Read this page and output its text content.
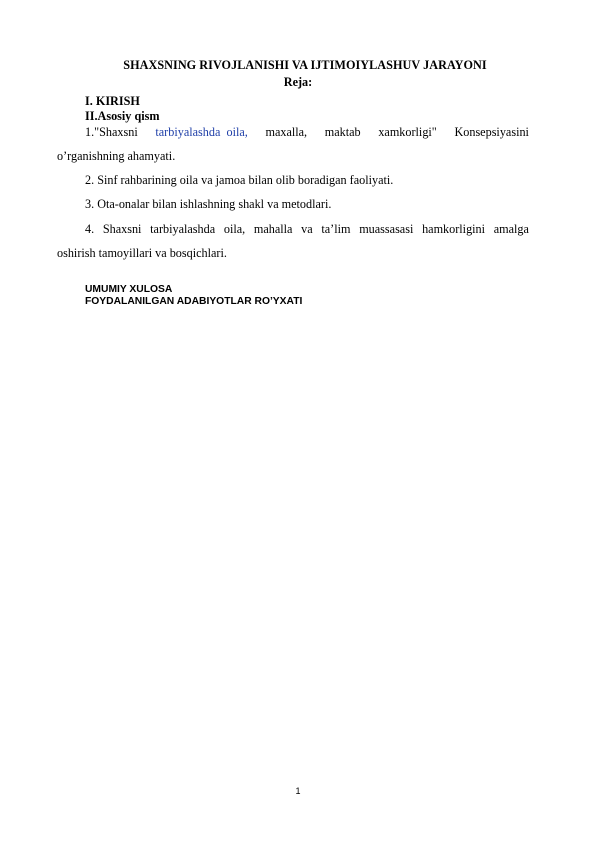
SHAXSNING RIVOJLANISHI VA IJTIMOIYLASHUV JARAYONI
Reja:
I. KIRISH
II.Asosiy qism
1."Shaxsni tarbiyalashda oila, maxalla, maktab xamkorligi" Konsepsiyasini
o’rganishning ahamyati.
2. Sinf rahbarining oila va jamoa bilan olib boradigan faoliyati.
3. Ota-onalar bilan ishlashning shakl va metodlari.
4. Shaxsni tarbiyalashda oila, mahalla va ta’lim muassasasi hamkorligini amalga
oshirish tamoyillari va bosqichlari.
UMUMIY XULOSA
FOYDALANILGAN ADABIYOTLAR RO’YXATI
1
